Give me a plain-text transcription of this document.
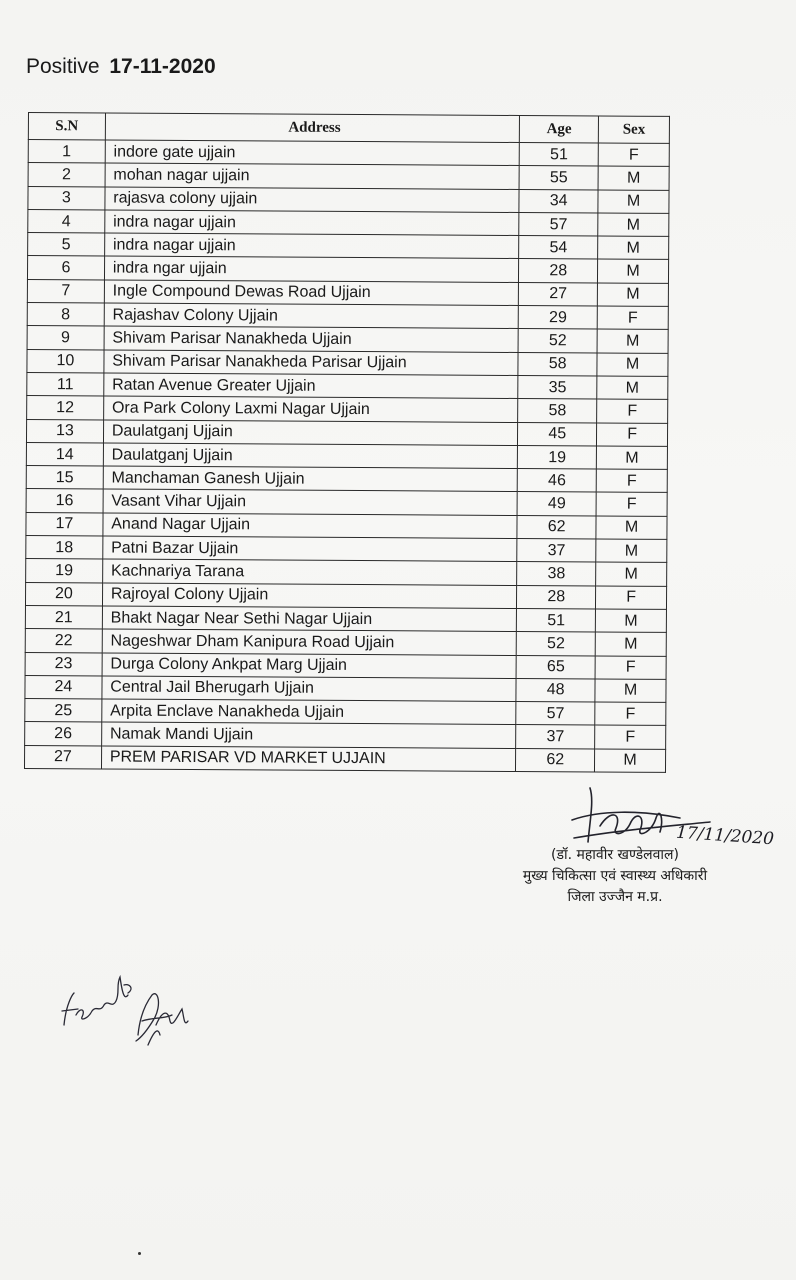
Positive 17-11-2020
S.N	Address	Age	Sex
1	indore gate ujjain	51	F
2	mohan nagar ujjain	55	M
3	rajasva colony ujjain	34	M
4	indra nagar ujjain	57	M
5	indra nagar ujjain	54	M
6	indra ngar ujjain	28	M
7	Ingle Compound Dewas Road Ujjain	27	M
8	Rajashav Colony Ujjain	29	F
9	Shivam Parisar Nanakheda Ujjain	52	M
10	Shivam Parisar Nanakheda Parisar Ujjain	58	M
11	Ratan Avenue Greater Ujjain	35	M
12	Ora Park Colony Laxmi Nagar Ujjain	58	F
13	Daulatganj Ujjain	45	F
14	Daulatganj Ujjain	19	M
15	Manchaman Ganesh Ujjain	46	F
16	Vasant Vihar Ujjain	49	F
17	Anand Nagar Ujjain	62	M
18	Patni Bazar Ujjain	37	M
19	Kachnariya Tarana	38	M
20	Rajroyal Colony Ujjain	28	F
21	Bhakt Nagar Near Sethi Nagar Ujjain	51	M
22	Nageshwar Dham Kanipura Road Ujjain	52	M
23	Durga Colony Ankpat Marg Ujjain	65	F
24	Central Jail Bherugarh Ujjain	48	M
25	Arpita Enclave Nanakheda Ujjain	57	F
26	Namak Mandi Ujjain	37	F
27	PREM PARISAR VD MARKET UJJAIN	62	M
17/11/2020
(डॉ. महावीर खण्डेलवाल)
मुख्य चिकित्सा एवं स्वास्थ्य अधिकारी
जिला उज्जैन म.प्र.
